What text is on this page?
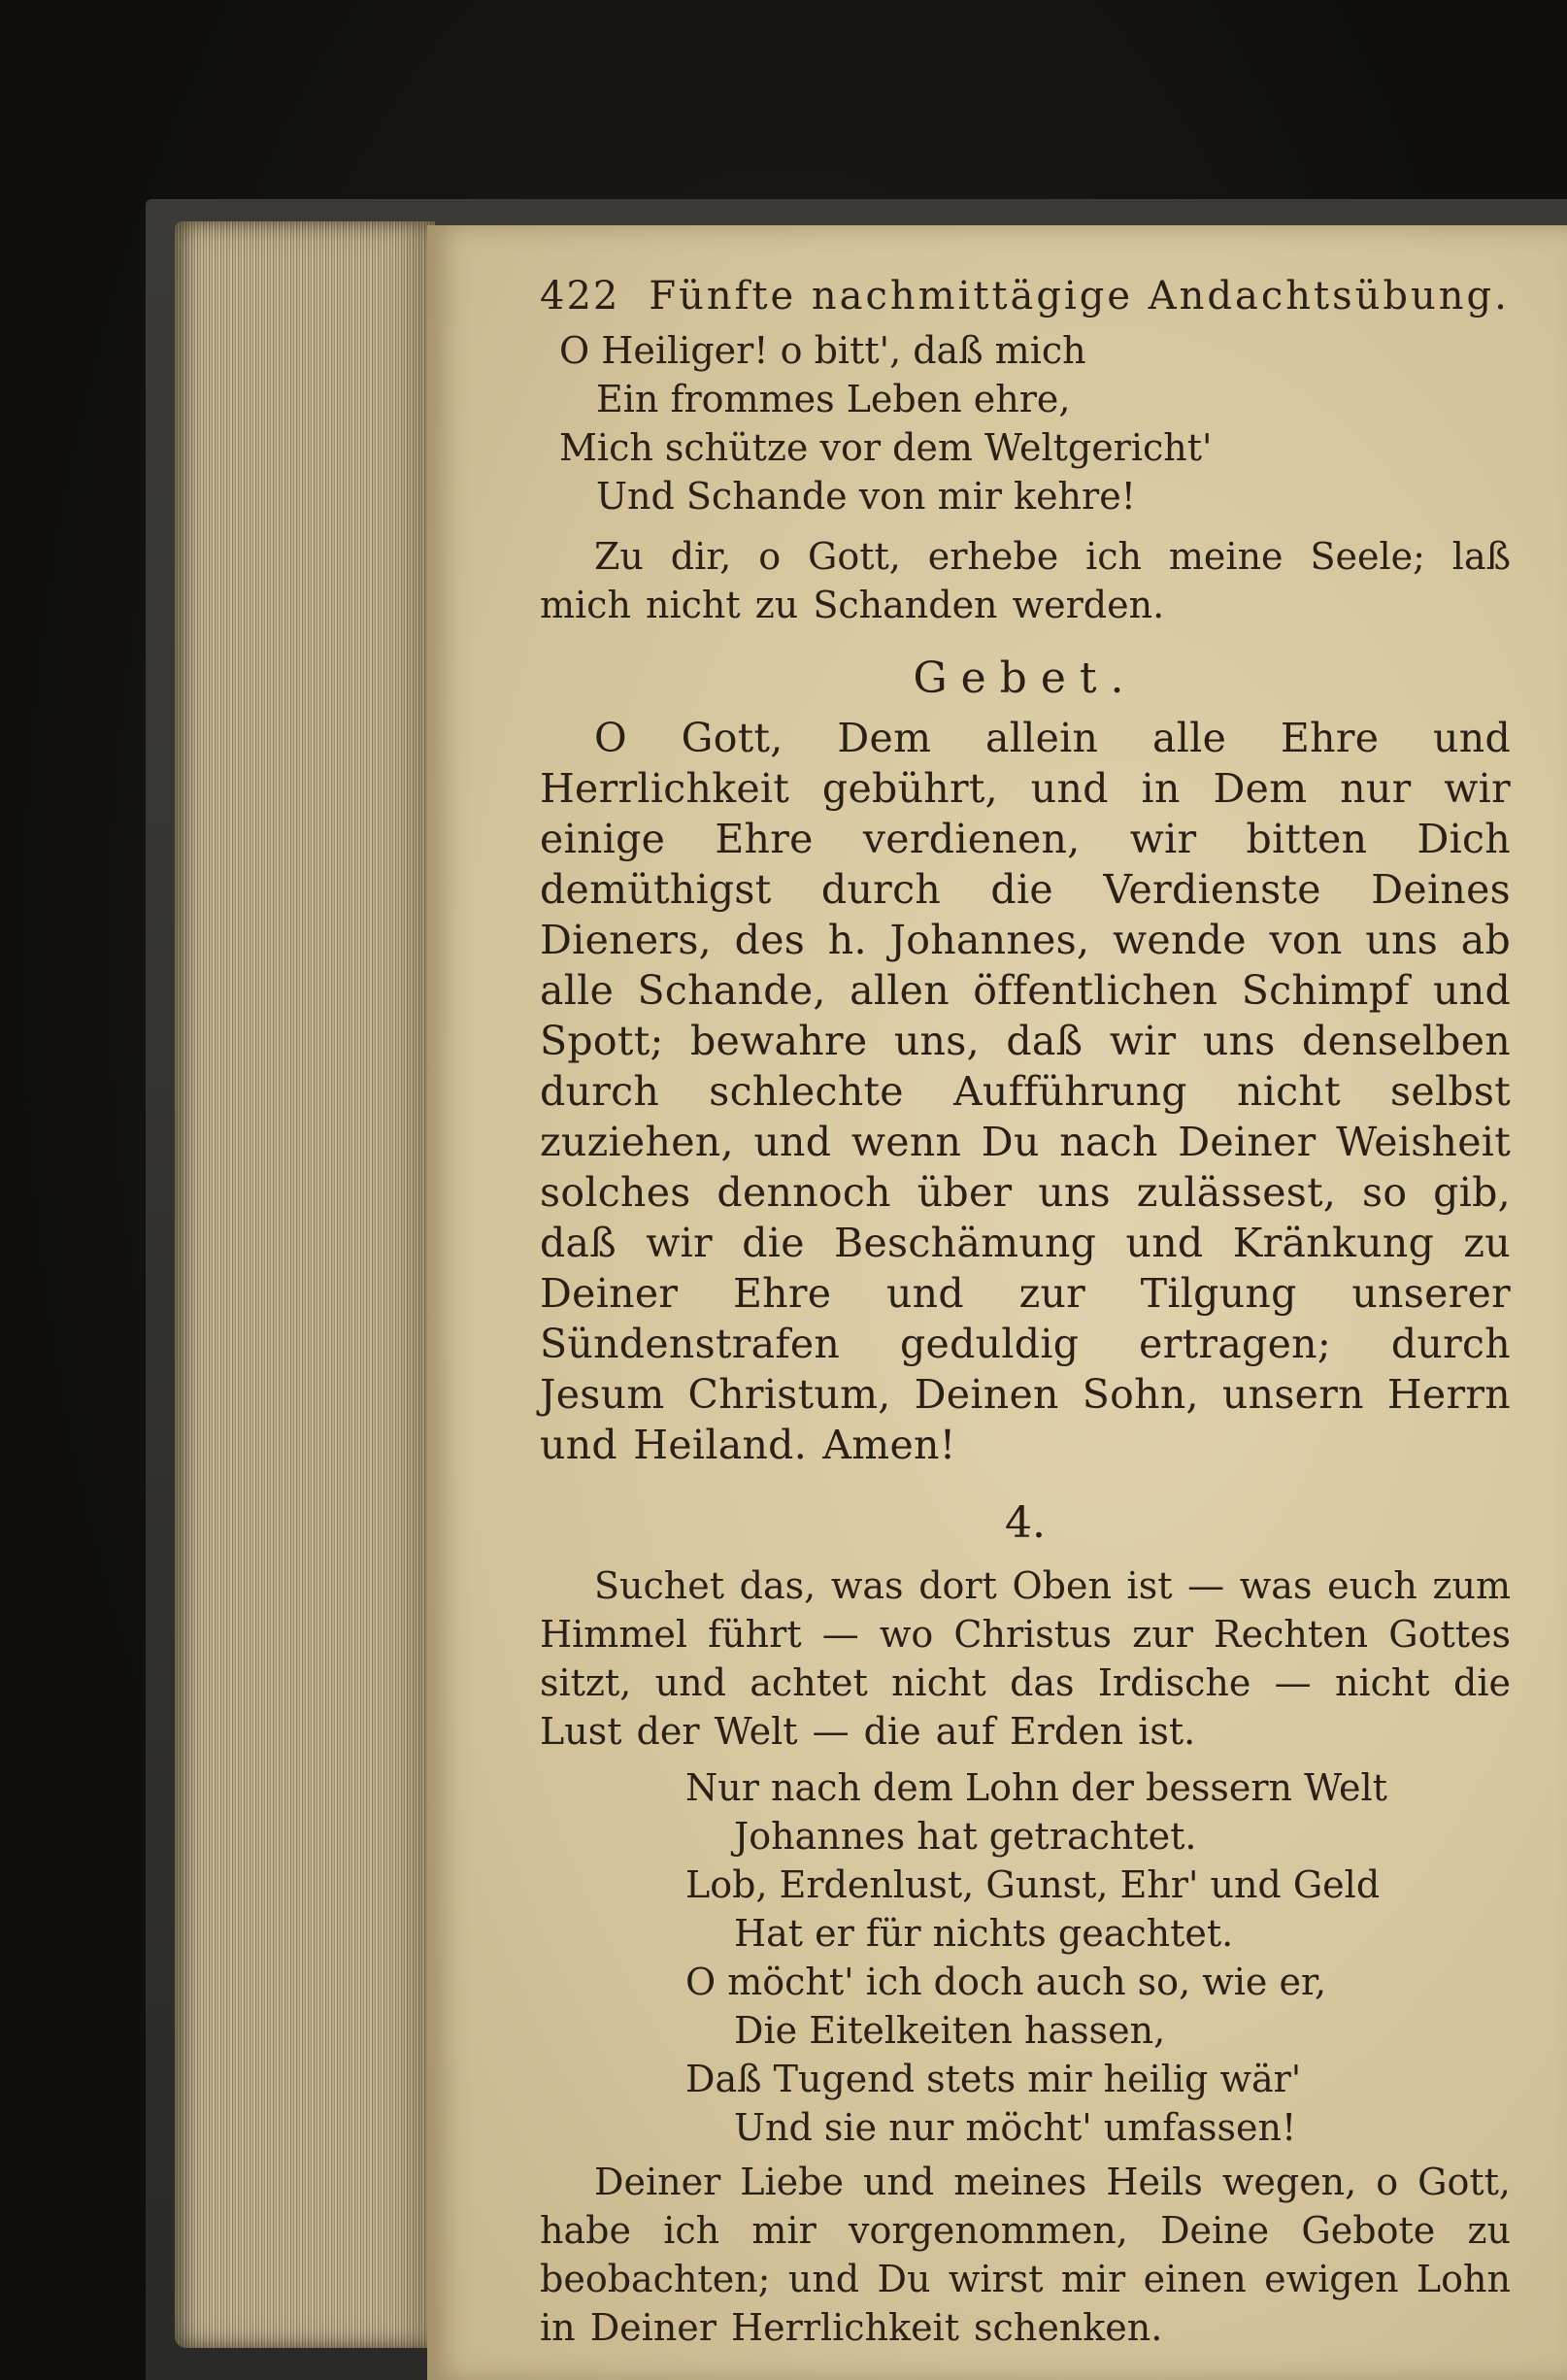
422 Fünfte nachmittägige Andachtsübung.
O Heiliger! o bitt', daß mich
Ein frommes Leben ehre,
Mich schütze vor dem Weltgericht'
Und Schande von mir kehre!

Zu dir, o Gott, erhebe ich meine Seele; laß mich nicht zu Schanden werden.

Gebet.

O Gott, Dem allein alle Ehre und Herrlichkeit gebührt, und in Dem nur wir einige Ehre verdienen, wir bitten Dich demüthigst durch die Verdienste Deines Dieners, des h. Johannes, wende von uns ab alle Schande, allen öffentlichen Schimpf und Spott; bewahre uns, daß wir uns denselben durch schlechte Aufführung nicht selbst zuziehen, und wenn Du nach Deiner Weisheit solches dennoch über uns zulässest, so gib, daß wir die Beschämung und Kränkung zu Deiner Ehre und zur Tilgung unserer Sündenstrafen geduldig ertragen; durch Jesum Christum, Deinen Sohn, unsern Herrn und Heiland. Amen!

4.

Suchet das, was dort Oben ist — was euch zum Himmel führt — wo Christus zur Rechten Gottes sitzt, und achtet nicht das Irdische — nicht die Lust der Welt — die auf Erden ist.

Nur nach dem Lohn der bessern Welt
Johannes hat getrachtet.
Lob, Erdenlust, Gunst, Ehr' und Geld
Hat er für nichts geachtet.
O möcht' ich doch auch so, wie er,
Die Eitelkeiten hassen,
Daß Tugend stets mir heilig wär'
Und sie nur möcht' umfassen!

Deiner Liebe und meines Heils wegen, o Gott, habe ich mir vorgenommen, Deine Gebote zu beobachten; und Du wirst mir einen ewigen Lohn in Deiner Herrlichkeit schenken.
